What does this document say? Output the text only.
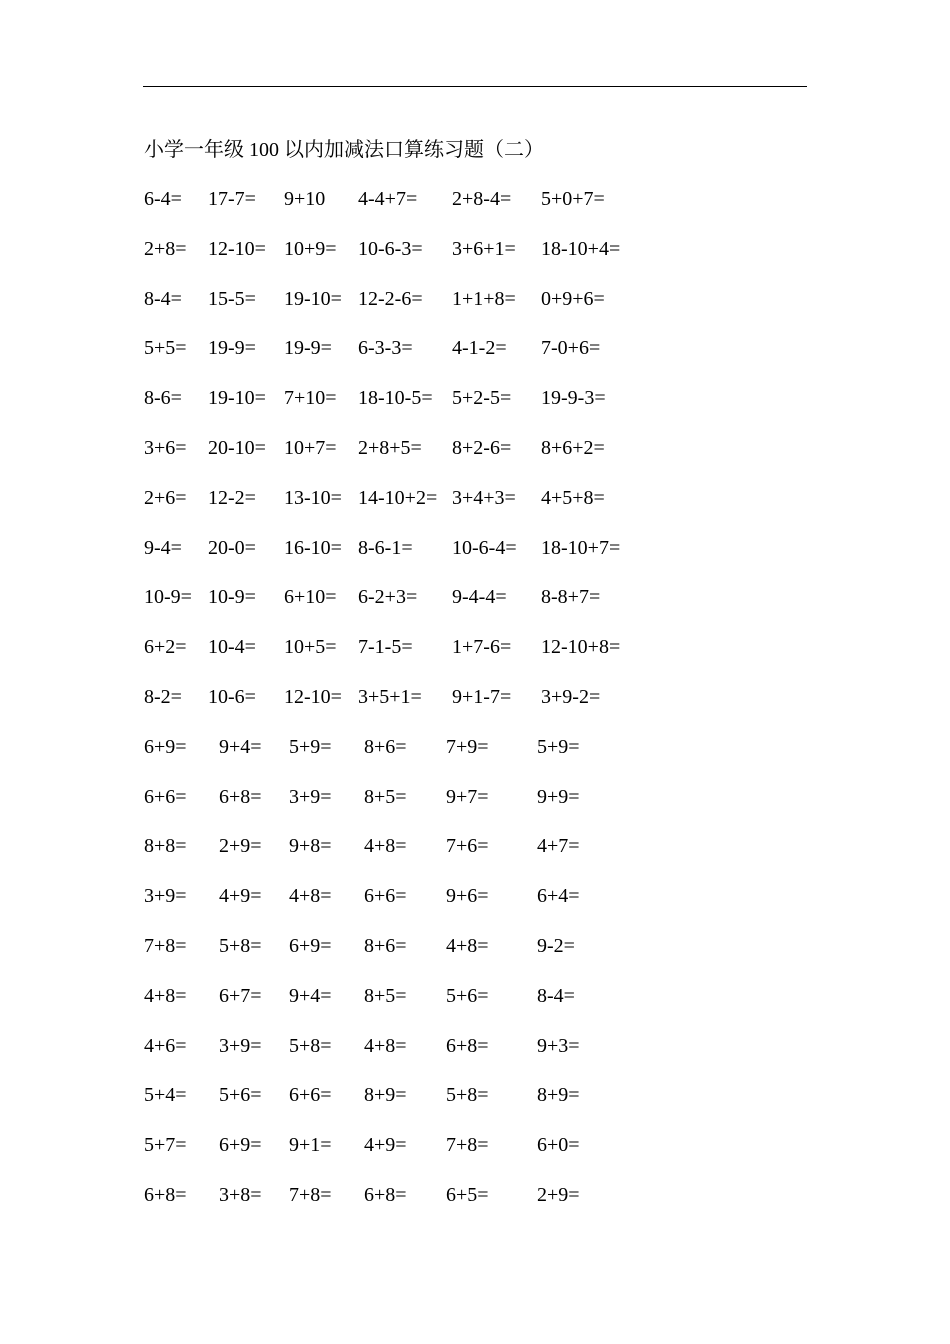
小学一年级 100 以内加减法口算练习题（二）
6-4= 17-7= 9+10 4-4+7= 2+8-4= 5+0+7=
2+8= 12-10= 10+9= 10-6-3= 3+6+1= 18-10+4=
8-4= 15-5= 19-10= 12-2-6= 1+1+8= 0+9+6=
5+5= 19-9= 19-9= 6-3-3= 4-1-2= 7-0+6=
8-6= 19-10= 7+10= 18-10-5= 5+2-5= 19-9-3=
3+6= 20-10= 10+7= 2+8+5= 8+2-6= 8+6+2=
2+6= 12-2= 13-10= 14-10+2= 3+4+3= 4+5+8=
9-4= 20-0= 16-10= 8-6-1= 10-6-4= 18-10+7=
10-9= 10-9= 6+10= 6-2+3= 9-4-4= 8-8+7=
6+2= 10-4= 10+5= 7-1-5= 1+7-6= 12-10+8=
8-2= 10-6= 12-10= 3+5+1= 9+1-7= 3+9-2=
6+9= 9+4= 5+9= 8+6= 7+9= 5+9=
6+6= 6+8= 3+9= 8+5= 9+7= 9+9=
8+8= 2+9= 9+8= 4+8= 7+6= 4+7=
3+9= 4+9= 4+8= 6+6= 9+6= 6+4=
7+8= 5+8= 6+9= 8+6= 4+8= 9-2=
4+8= 6+7= 9+4= 8+5= 5+6= 8-4=
4+6= 3+9= 5+8= 4+8= 6+8= 9+3=
5+4= 5+6= 6+6= 8+9= 5+8= 8+9=
5+7= 6+9= 9+1= 4+9= 7+8= 6+0=
6+8= 3+8= 7+8= 6+8= 6+5= 2+9=
